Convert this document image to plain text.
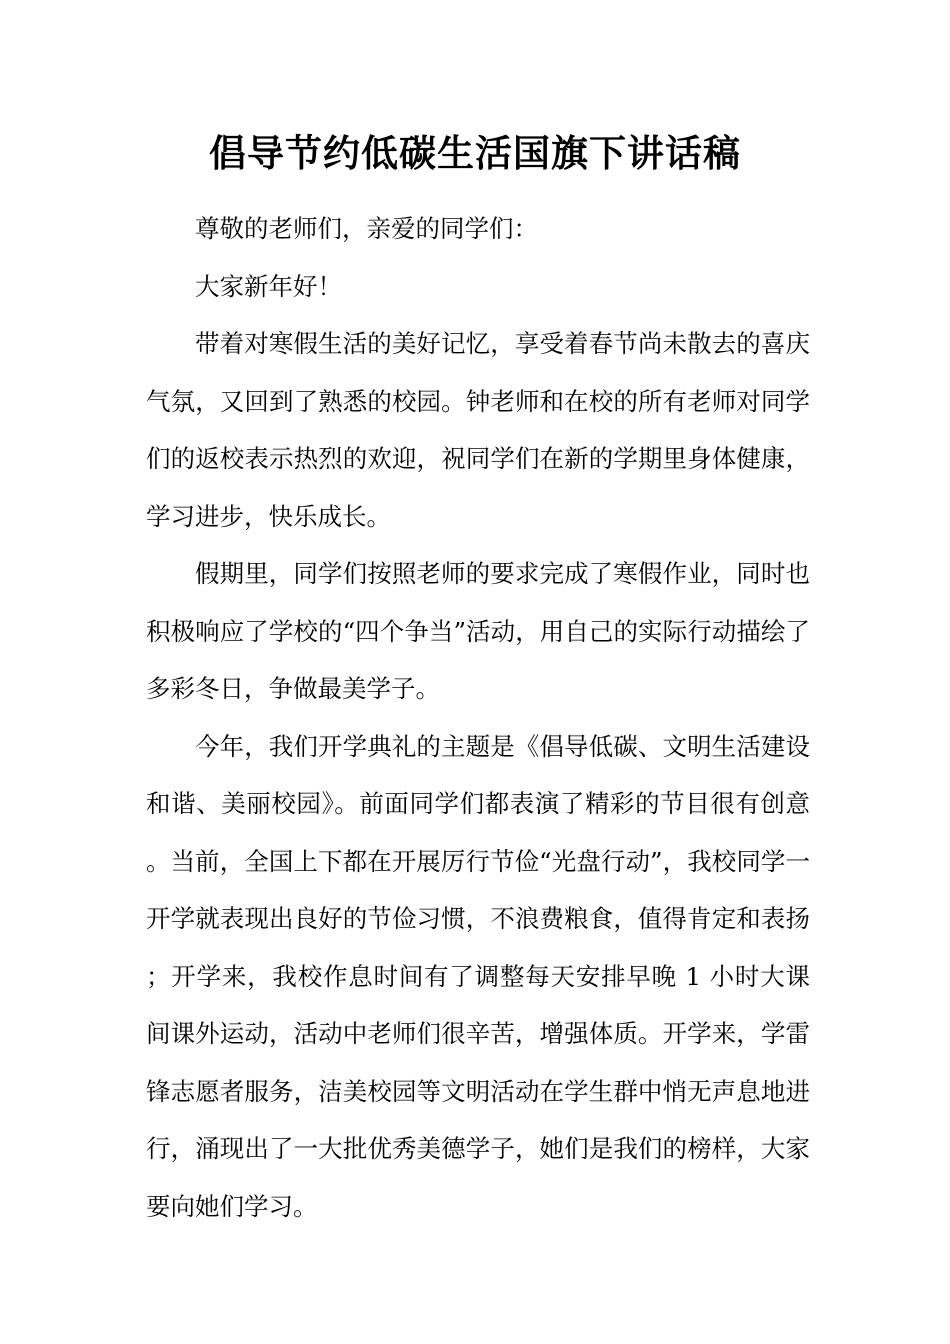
倡导节约低碳生活国旗下讲话稿

尊敬的老师们，亲爱的同学们：

大家新年好！

带着对寒假生活的美好记忆，享受着春节尚未散去的喜庆气氛，又回到了熟悉的校园。钟老师和在校的所有老师对同学们的返校表示热烈的欢迎，祝同学们在新的学期里身体健康，学习进步，快乐成长。

假期里，同学们按照老师的要求完成了寒假作业，同时也积极响应了学校的“四个争当”活动，用自己的实际行动描绘了多彩冬日，争做最美学子。

今年，我们开学典礼的主题是《倡导低碳、文明生活建设和谐、美丽校园》。前面同学们都表演了精彩的节目很有创意。当前，全国上下都在开展厉行节俭“光盘行动”，我校同学一开学就表现出良好的节俭习惯，不浪费粮食，值得肯定和表扬；开学来，我校作息时间有了调整每天安排早晚 1 小时大课间课外运动，活动中老师们很辛苦，增强体质。开学来，学雷锋志愿者服务，洁美校园等文明活动在学生群中悄无声息地进行，涌现出了一大批优秀美德学子，她们是我们的榜样，大家要向她们学习。
